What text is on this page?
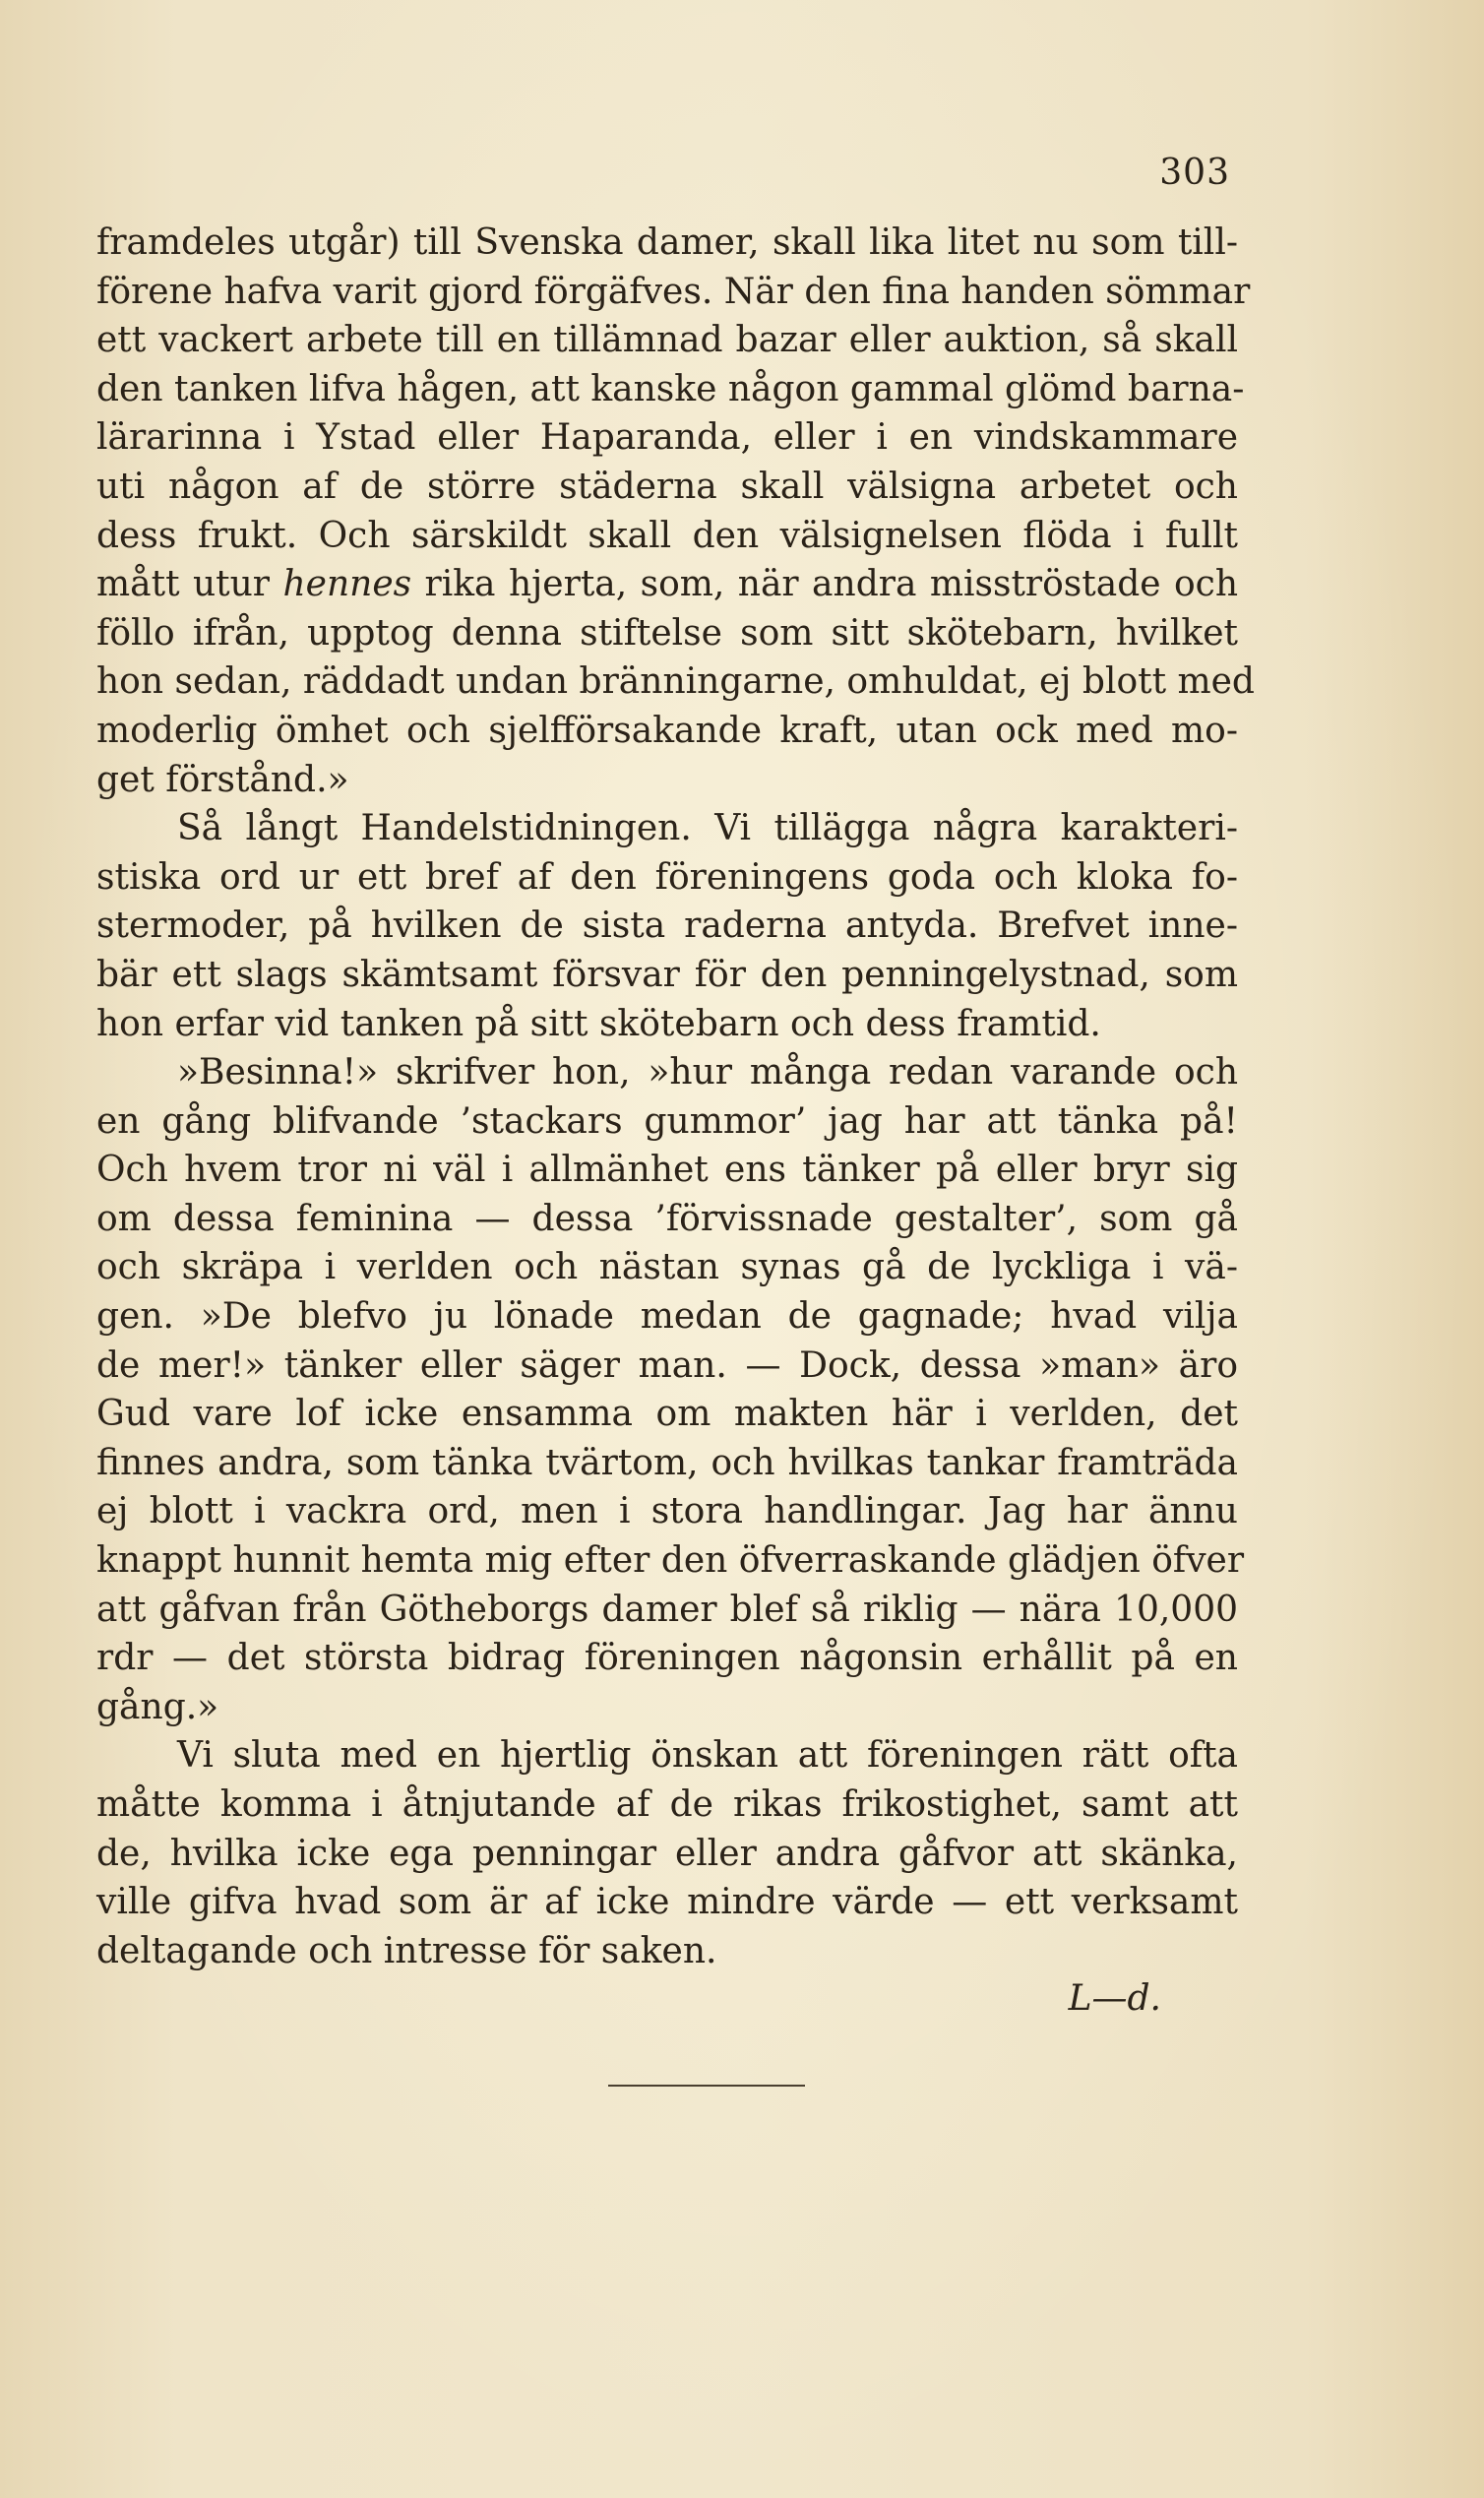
303
framdeles utgår) till Svenska damer, skall lika litet nu som till-
förene hafva varit gjord förgäfves. När den fina handen sömmar
ett vackert arbete till en tillämnad bazar eller auktion, så skall
den tanken lifva hågen, att kanske någon gammal glömd barna-
lärarinna i Ystad eller Haparanda, eller i en vindskammare
uti någon af de större städerna skall välsigna arbetet och
dess frukt. Och särskildt skall den välsignelsen flöda i fullt
mått utur hennes rika hjerta, som, när andra misströstade och
föllo ifrån, upptog denna stiftelse som sitt skötebarn, hvilket
hon sedan, räddadt undan bränningarne, omhuldat, ej blott med
moderlig ömhet och sjelfförsakande kraft, utan ock med mo-
get förstånd.»
Så långt Handelstidningen. Vi tillägga några karakteri-
stiska ord ur ett bref af den föreningens goda och kloka fo-
stermoder, på hvilken de sista raderna antyda. Brefvet inne-
bär ett slags skämtsamt försvar för den penningelystnad, som
hon erfar vid tanken på sitt skötebarn och dess framtid.
»Besinna!» skrifver hon, »hur många redan varande och
en gång blifvande ’stackars gummor’ jag har att tänka på!
Och hvem tror ni väl i allmänhet ens tänker på eller bryr sig
om dessa feminina — dessa ’förvissnade gestalter’, som gå
och skräpa i verlden och nästan synas gå de lyckliga i vä-
gen. »De blefvo ju lönade medan de gagnade; hvad vilja
de mer!» tänker eller säger man. — Dock, dessa »man» äro
Gud vare lof icke ensamma om makten här i verlden, det
finnes andra, som tänka tvärtom, och hvilkas tankar framträda
ej blott i vackra ord, men i stora handlingar. Jag har ännu
knappt hunnit hemta mig efter den öfverraskande glädjen öfver
att gåfvan från Götheborgs damer blef så riklig — nära 10,000
rdr — det största bidrag föreningen någonsin erhållit på en
gång.»
Vi sluta med en hjertlig önskan att föreningen rätt ofta
måtte komma i åtnjutande af de rikas frikostighet, samt att
de, hvilka icke ega penningar eller andra gåfvor att skänka,
ville gifva hvad som är af icke mindre värde — ett verksamt
deltagande och intresse för saken.
L—d.
